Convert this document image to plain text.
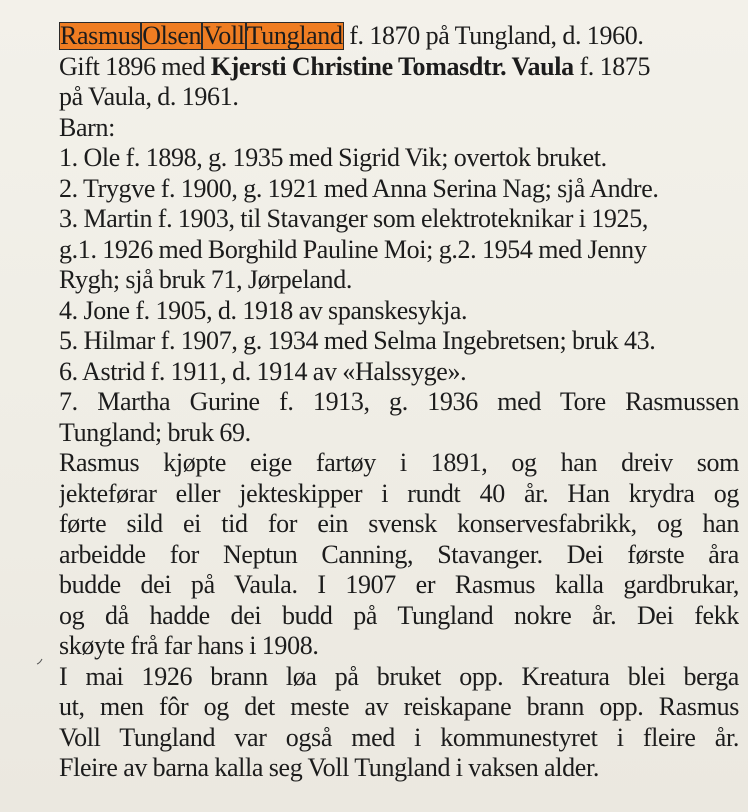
RasmusOlsenVollTungland f. 1870 på Tungland, d. 1960.
Gift 1896 med Kjersti Christine Tomasdtr. Vaula f. 1875
på Vaula, d. 1961.
Barn:
1. Ole f. 1898, g. 1935 med Sigrid Vik; overtok bruket.
2. Trygve f. 1900, g. 1921 med Anna Serina Nag; sjå Andre.
3. Martin f. 1903, til Stavanger som elektroteknikar i 1925,
g.1. 1926 med Borghild Pauline Moi; g.2. 1954 med Jenny
Rygh; sjå bruk 71, Jørpeland.
4. Jone f. 1905, d. 1918 av spanskesykja.
5. Hilmar f. 1907, g. 1934 med Selma Ingebretsen; bruk 43.
6. Astrid f. 1911, d. 1914 av «Halssyge».
7. Martha Gurine f. 1913, g. 1936 med Tore Rasmussen
Tungland; bruk 69.
Rasmus kjøpte eige fartøy i 1891, og han dreiv som
jekteførar eller jekteskipper i rundt 40 år. Han krydra og
førte sild ei tid for ein svensk konservesfabrikk, og han
arbeidde for Neptun Canning, Stavanger. Dei første åra
budde dei på Vaula. I 1907 er Rasmus kalla gardbrukar,
og då hadde dei budd på Tungland nokre år. Dei fekk
skøyte frå far hans i 1908.
I mai 1926 brann løa på bruket opp. Kreatura blei berga
ut, men fôr og det meste av reiskapane brann opp. Rasmus
Voll Tungland var også med i kommunestyret i fleire år.
Fleire av barna kalla seg Voll Tungland i vaksen alder.
